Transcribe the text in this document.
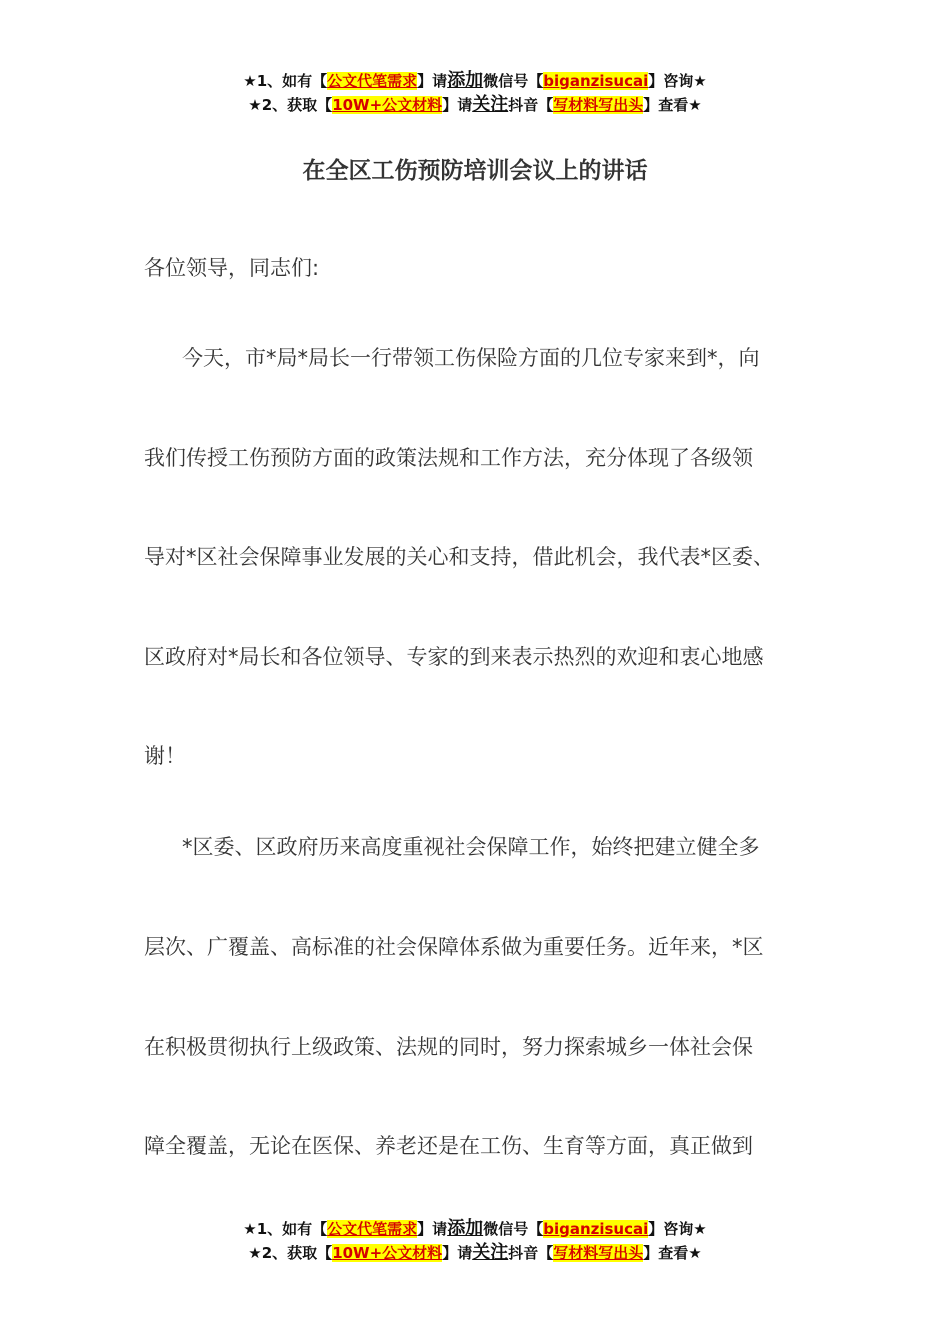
★1、如有【公文代笔需求】请添加微信号【biganzisucai】咨询★
★2、获取【10W+公文材料】请关注抖音【写材料写出头】查看★
在全区工伤预防培训会议上的讲话
各位领导，同志们:
今天，市*局*局长一行带领工伤保险方面的几位专家来到*，向
我们传授工伤预防方面的政策法规和工作方法，充分体现了各级领
导对*区社会保障事业发展的关心和支持，借此机会，我代表*区委、
区政府对*局长和各位领导、专家的到来表示热烈的欢迎和衷心地感
谢！
*区委、区政府历来高度重视社会保障工作，始终把建立健全多
层次、广覆盖、高标准的社会保障体系做为重要任务。近年来，*区
在积极贯彻执行上级政策、法规的同时，努力探索城乡一体社会保
障全覆盖，无论在医保、养老还是在工伤、生育等方面，真正做到
★1、如有【公文代笔需求】请添加微信号【biganzisucai】咨询★
★2、获取【10W+公文材料】请关注抖音【写材料写出头】查看★
